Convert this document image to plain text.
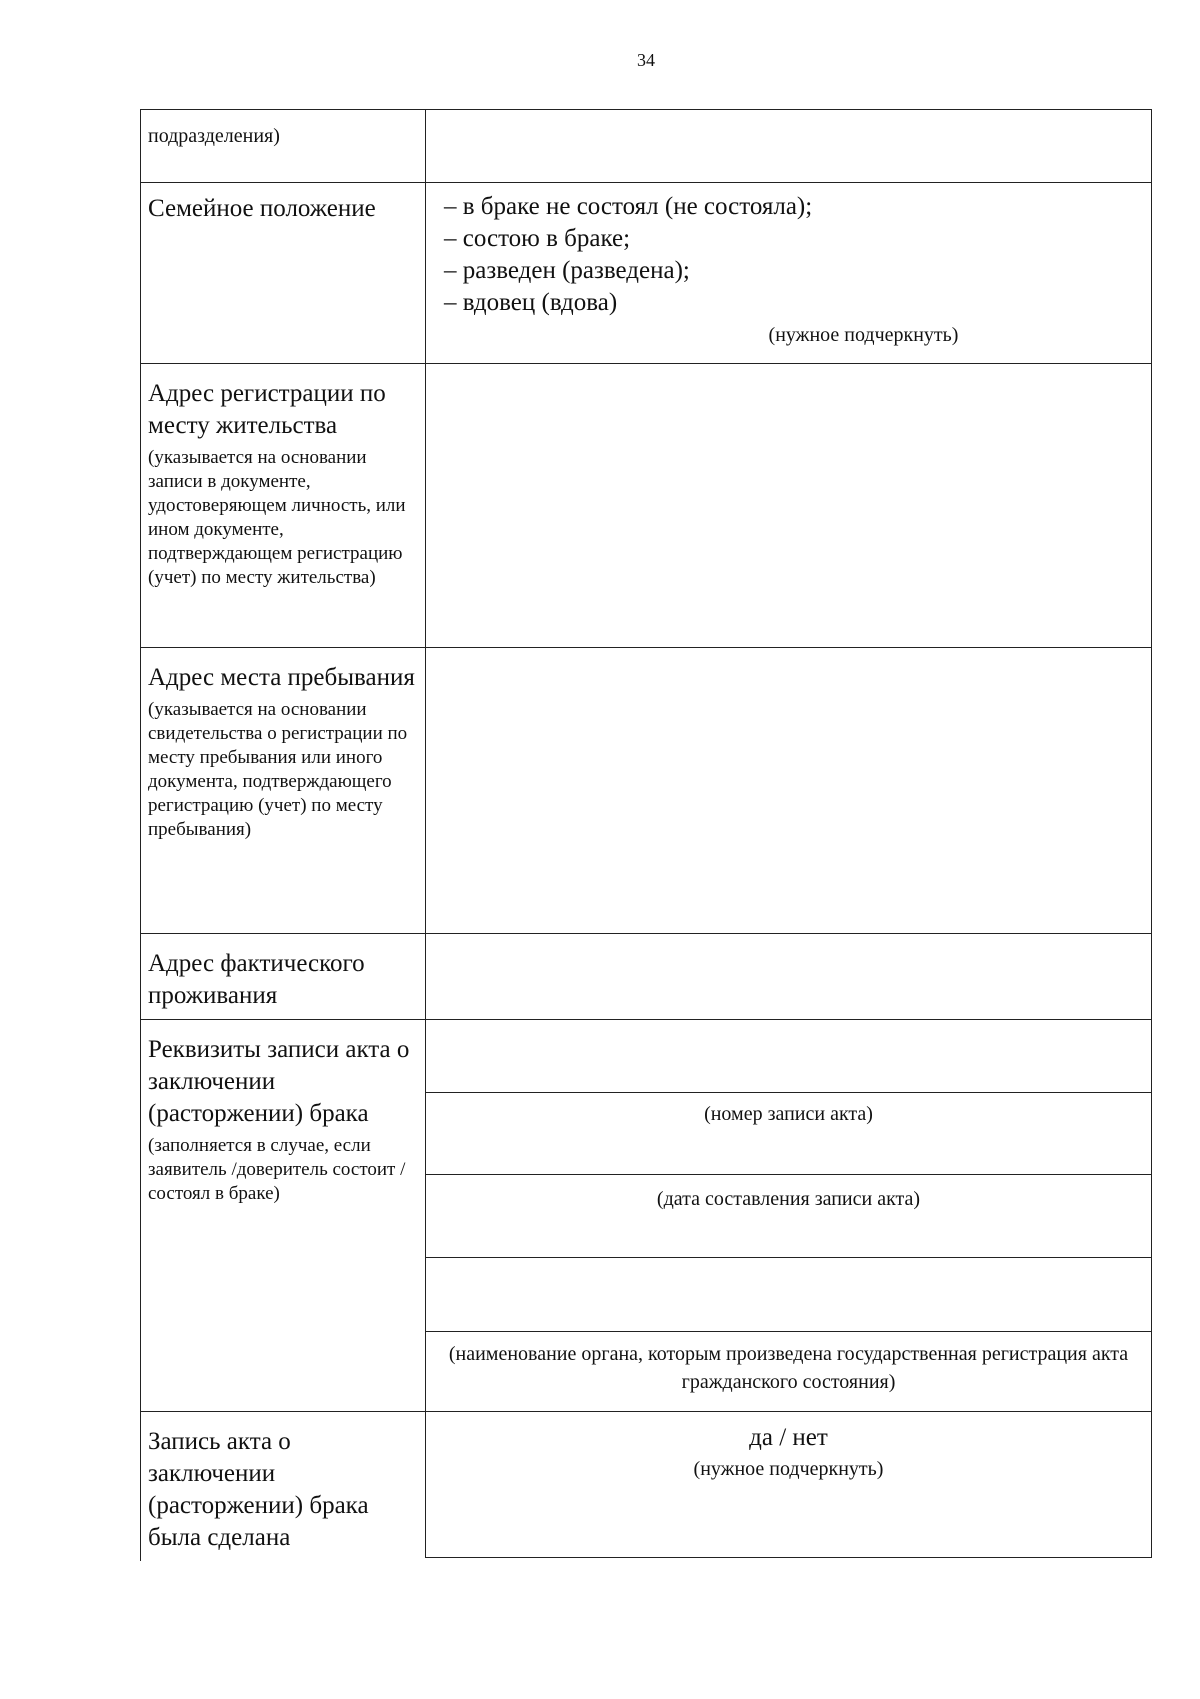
34
подразделения)
Семейное положение	– в браке не состоял (не состояла);
– состою в браке;
– разведен (разведена);
– вдовец (вдова)
(нужное подчеркнуть)
Адрес регистрации по месту жительства
(указывается на основании записи в документе, удостоверяющем личность, или ином документе, подтверждающем регистрацию (учет) по месту жительства)
Адрес места пребывания
(указывается на основании свидетельства о регистрации по месту пребывания или иного документа, подтверждающего регистрацию (учет) по месту пребывания)
Адрес фактического проживания
Реквизиты записи акта о заключении (расторжении) брака
(заполняется в случае, если заявитель /доверитель состоит / состоял в браке)
(номер записи акта)
(дата составления записи акта)
(наименование органа, которым произведена государственная регистрация акта гражданского состояния)
Запись акта о заключении (расторжении) брака была сделана
да / нет
(нужное подчеркнуть)
